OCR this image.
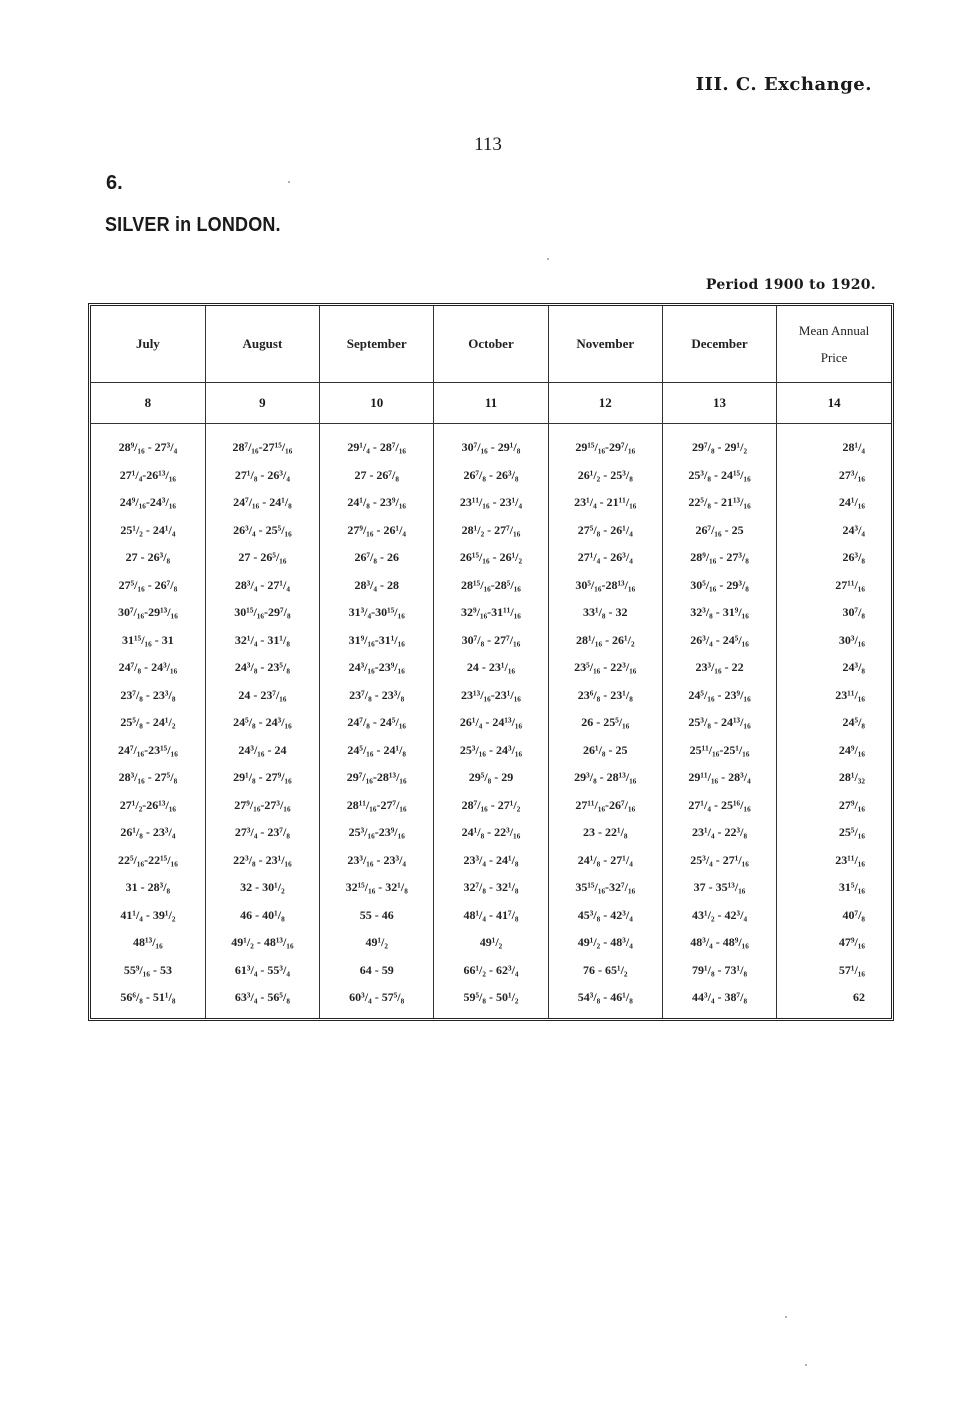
III. C. Exchange.
113
6.
SILVER in LONDON.
Period 1900 to 1920.
July	August	September	October	November	December	Mean Annual
Price

8	9	10	11	12	13	14

28⁹/₁₆ - 27³/₄	28⁷/₁₆-27¹⁵/₁₆	29¹/₄ - 28⁷/₁₆	30⁷/₁₆ - 29¹/₈	29¹⁵/₁₆-29⁷/₁₆	29⁷/₈ - 29¹/₂	28¹/₄
27¹/₄-26¹³/₁₆	27¹/₈ - 26³/₄	27 - 26⁷/₈	26⁷/₈ - 26³/₈	26¹/₂ - 25³/₈	25³/₈ - 24¹⁵/₁₆	27³/₁₆
24⁹/₁₆-24³/₁₆	24⁷/₁₆ - 24¹/₈	24¹/₈ - 23⁹/₁₆	23¹¹/₁₆ - 23¹/₄	23¹/₄ - 21¹¹/₁₆	22⁵/₈ - 21¹³/₁₆	24¹/₁₆
25¹/₂ - 24¹/₄	26³/₄ - 25⁵/₁₆	27⁹/₁₆ - 26¹/₄	28¹/₂ - 27⁷/₁₆	27⁵/₈ - 26¹/₄	26⁷/₁₆ - 25	24³/₄
27 - 26³/₈	27 - 26⁵/₁₆	26⁷/₈ - 26	26¹⁵/₁₆ - 26¹/₂	27¹/₄ - 26³/₄	28⁹/₁₆ - 27³/₈	26³/₈
27⁵/₁₆ - 26⁷/₈	28³/₄ - 27¹/₄	28³/₄ - 28	28¹⁵/₁₆-28⁵/₁₆	30⁵/₁₆-28¹³/₁₆	30⁵/₁₆ - 29³/₈	27¹¹/₁₆
30⁷/₁₆-29¹³/₁₆	30¹⁵/₁₆-29⁷/₈	31³/₄-30¹⁵/₁₆	32⁹/₁₆-31¹¹/₁₆	33¹/₈ - 32	32³/₈ - 31⁹/₁₆	30⁷/₈
31¹⁵/₁₆ - 31	32¹/₄ - 31¹/₈	31⁹/₁₆-31¹/₁₆	30⁷/₈ - 27⁷/₁₆	28¹/₁₆ - 26¹/₂	26³/₄ - 24⁵/₁₆	30³/₁₆
24⁷/₈ - 24³/₁₆	24³/₈ - 23⁵/₈	24³/₁₆-23⁹/₁₆	24 - 23¹/₁₆	23⁵/₁₆ - 22³/₁₆	23³/₁₆ - 22	24³/₈
23⁷/₈ - 23³/₈	24 - 23⁷/₁₆	23⁷/₈ - 23³/₈	23¹³/₁₆-23¹/₁₆	23⁶/₈ - 23¹/₈	24⁵/₁₆ - 23⁹/₁₆	23¹¹/₁₆
25⁵/₈ - 24¹/₂	24⁵/₈ - 24³/₁₆	24⁷/₈ - 24⁵/₁₆	26¹/₄ - 24¹³/₁₆	26 - 25⁵/₁₆	25³/₈ - 24¹³/₁₆	24⁵/₈
24⁷/₁₆-23¹⁵/₁₆	24³/₁₆ - 24	24⁵/₁₆ - 24¹/₈	25³/₁₆ - 24³/₁₆	26¹/₈ - 25	25¹¹/₁₆-25¹/₁₆	24⁹/₁₆
28³/₁₆ - 27⁵/₈	29¹/₈ - 27⁹/₁₆	29⁷/₁₆-28¹³/₁₆	29⁵/₈ - 29	29³/₈ - 28¹³/₁₆	29¹¹/₁₆ - 28³/₄	28¹/₃₂
27¹/₂-26¹³/₁₆	27⁹/₁₆-27³/₁₆	28¹¹/₁₆-27⁷/₁₆	28⁷/₁₆ - 27¹/₂	27¹¹/₁₆-26⁷/₁₆	27¹/₄ - 25¹⁶/₁₆	27⁹/₁₆
26¹/₈ - 23³/₄	27³/₄ - 23⁷/₈	25³/₁₆-23⁹/₁₆	24¹/₈ - 22³/₁₆	23 - 22¹/₈	23¹/₄ - 22³/₈	25⁵/₁₆
22⁵/₁₆-22¹⁵/₁₆	22³/₈ - 23¹/₁₆	23³/₁₆ - 23³/₄	23³/₄ - 24¹/₈	24¹/₈ - 27¹/₄	25³/₄ - 27¹/₁₆	23¹¹/₁₆
31 - 28³/₈	32 - 30¹/₂	32¹⁵/₁₆ - 32¹/₈	32⁷/₈ - 32¹/₈	35¹⁵/₁₆-32⁷/₁₆	37 - 35¹³/₁₆	31⁵/₁₆
41¹/₄ - 39¹/₂	46 - 40¹/₈	55 - 46	48¹/₄ - 41⁷/₈	45³/₈ - 42³/₄	43¹/₂ - 42³/₄	40⁷/₈
48¹³/₁₆	49¹/₂ - 48¹³/₁₆	49¹/₂	49¹/₂	49¹/₂ - 48³/₄	48³/₄ - 48⁹/₁₆	47⁹/₁₆
55⁹/₁₆ - 53	61³/₄ - 55³/₄	64 - 59	66¹/₂ - 62³/₄	76 - 65¹/₂	79¹/₈ - 73¹/₈	57¹/₁₆
56⁶/₈ - 51¹/₈	63³/₄ - 56⁵/₈	60³/₄ - 57⁵/₈	59⁵/₈ - 50¹/₂	54³/₈ - 46¹/₈	44³/₄ - 38⁷/₈	62
